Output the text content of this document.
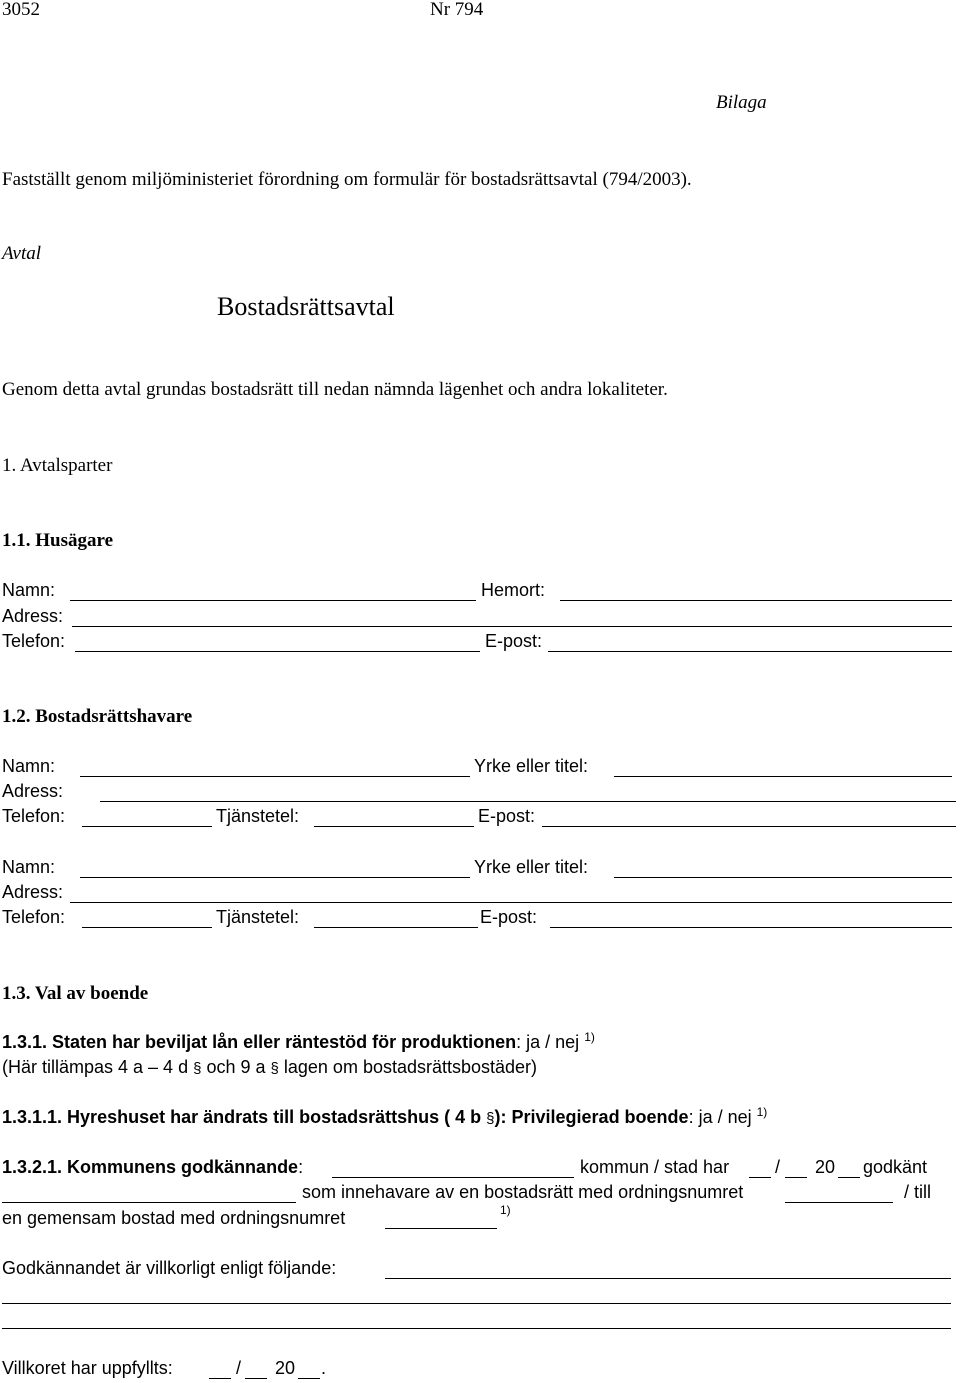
3052	Nr 794
Bilaga
Fastställt genom miljöministeriet förordning om formulär för bostadsrättsavtal (794/2003).
Avtal
Bostadsrättsavtal
Genom detta avtal grundas bostadsrätt till nedan nämnda lägenhet och andra lokaliteter.
1. Avtalsparter
1.1. Husägare
Namn:	Hemort:
Adress:
Telefon:	E-post:
1.2. Bostadsrättshavare
Namn:	Yrke eller titel:
Adress:
Telefon:	Tjänstetel:	E-post:
Namn:	Yrke eller titel:
Adress:
Telefon:	Tjänstetel:	E-post:
1.3. Val av boende
1.3.1. Staten har beviljat lån eller räntestöd för produktionen: ja / nej $^{1)}$
(Här tillämpas 4 a – 4 d § och 9 a § lagen om bostadsrättsbostäder)
1.3.1.1. Hyreshuset har ändrats till bostadsrättshus ( 4 b §): Privilegierad boende: ja / nej $^{1)}$
1.3.2.1. Kommunens godkännande:	kommun / stad har	/ 20 godkänt
som innehavare av en bostadsrätt med ordningsnumret	/ till
en gemensam bostad med ordningsnumret	$^{1)}$
Godkännandet är villkorligt enligt följande:
Villkoret har uppfyllts:	/ 20 .
